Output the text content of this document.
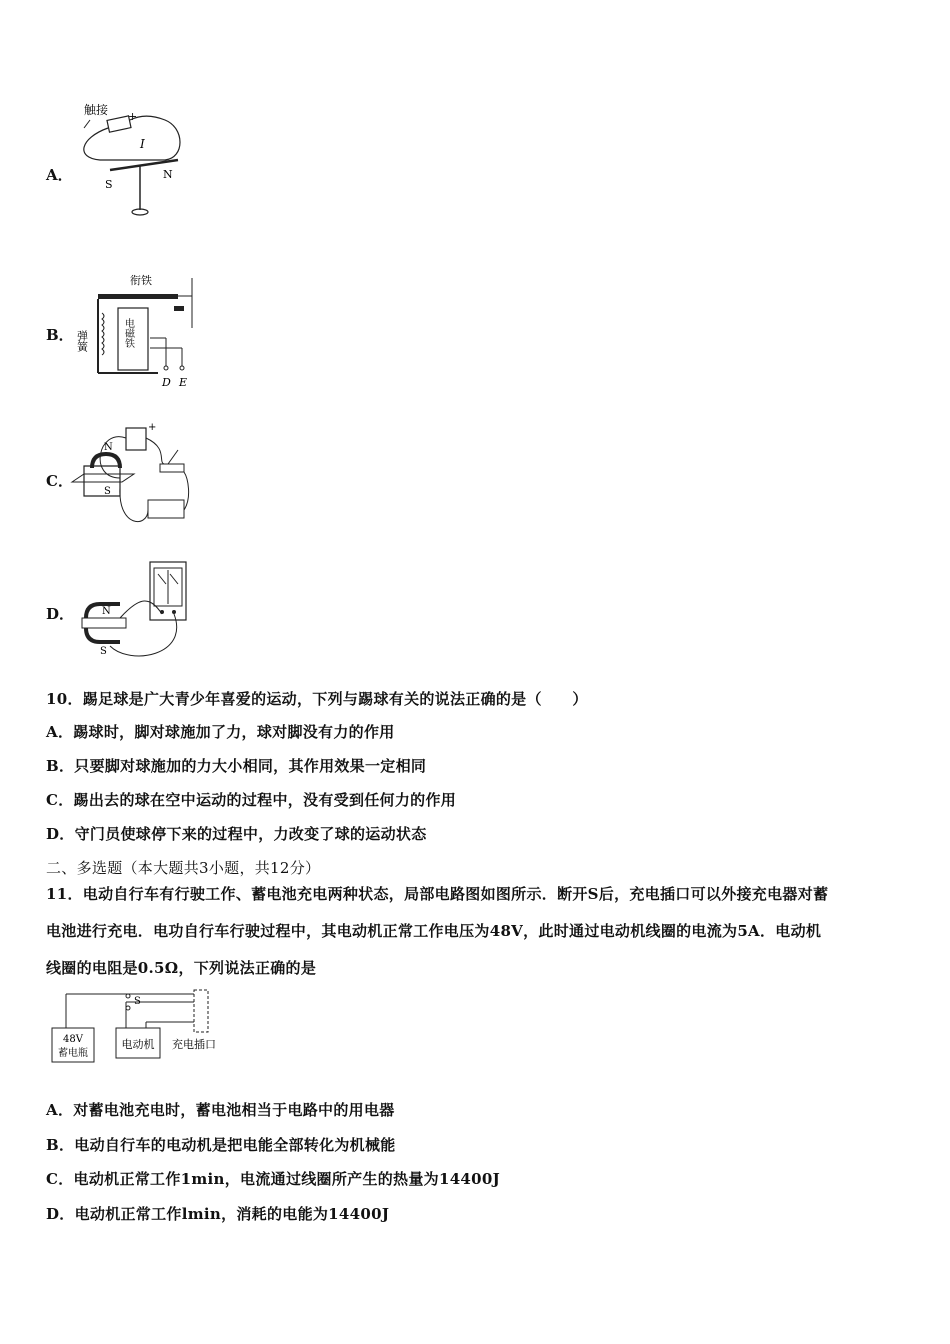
A．
触接 +
I
S
N
B．
衔铁
弹簧	电磁铁
D E
C．
N
S
+
D．	N
S
10．踢足球是广大青少年喜爱的运动，下列与踢球有关的说法正确的是（　　）
A．踢球时，脚对球施加了力，球对脚没有力的作用
B．只要脚对球施加的力大小相同，其作用效果一定相同
C．踢出去的球在空中运动的过程中，没有受到任何力的作用
D．守门员使球停下来的过程中，力改变了球的运动状态
二、多选题（本大题共3小题，共12分）
11．电动自行车有行驶工作、蓄电池充电两种状态，局部电路图如图所示．断开S后，充电插口可以外接充电器对蓄
电池进行充电．电功自行车行驶过程中，其电动机正常工作电压为48V，此时通过电动机线圈的电流为5A．电动机
线圈的电阻是0.5Ω，下列说法正确的是
S
48V
蓄电瓶
电动机 充电插口
A．对蓄电池充电时，蓄电池相当于电路中的用电器
B．电动自行车的电动机是把电能全部转化为机械能
C．电动机正常工作1min，电流通过线圈所产生的热量为14400J
D．电动机正常工作lmin，消耗的电能为14400J
